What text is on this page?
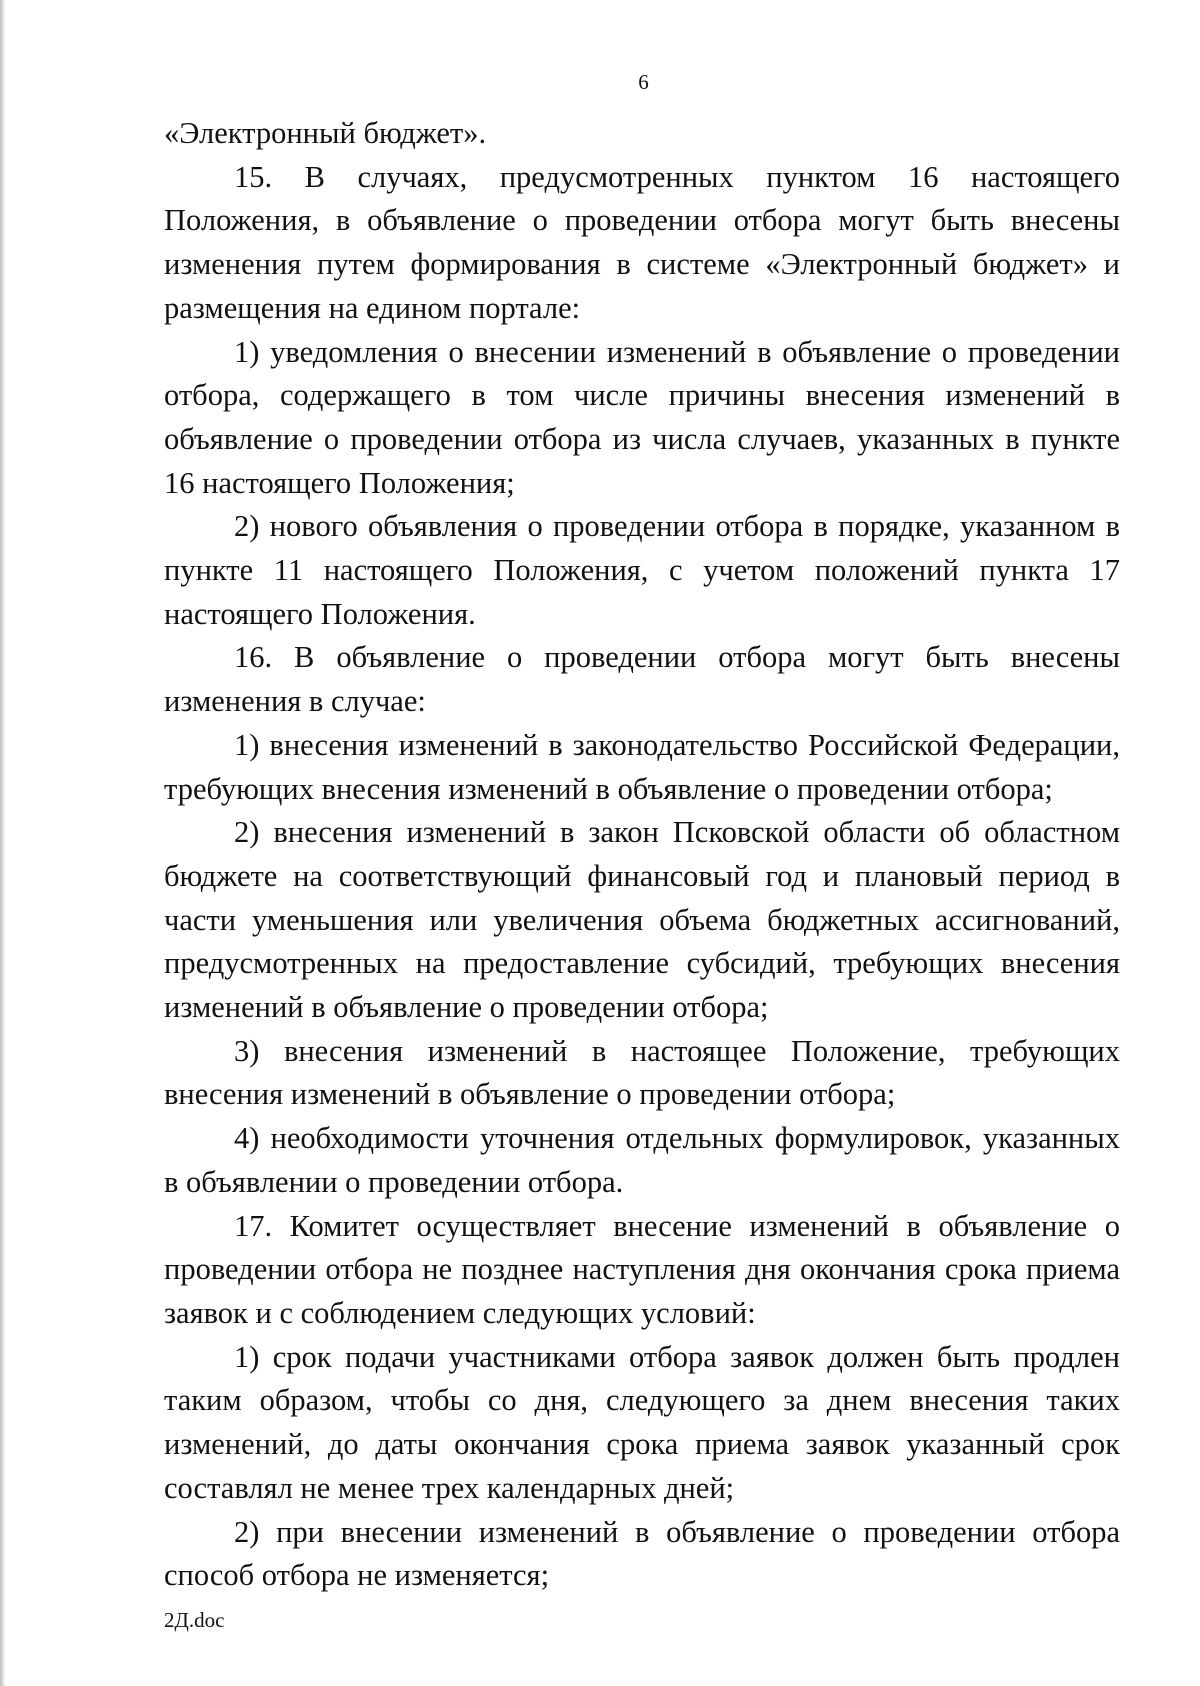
6

«Электронный бюджет».

15. В случаях, предусмотренных пунктом 16 настоящего Положения, в объявление о проведении отбора могут быть внесены изменения путем формирования в системе «Электронный бюджет» и размещения на едином портале:

1) уведомления о внесении изменений в объявление о проведении отбора, содержащего в том числе причины внесения изменений в объявление о проведении отбора из числа случаев, указанных в пункте 16 настоящего Положения;

2) нового объявления о проведении отбора в порядке, указанном в пункте 11 настоящего Положения, с учетом положений пункта 17 настоящего Положения.

16. В объявление о проведении отбора могут быть внесены изменения в случае:

1) внесения изменений в законодательство Российской Федерации, требующих внесения изменений в объявление о проведении отбора;

2) внесения изменений в закон Псковской области об областном бюджете на соответствующий финансовый год и плановый период в части уменьшения или увеличения объема бюджетных ассигнований, предусмотренных на предоставление субсидий, требующих внесения изменений в объявление о проведении отбора;

3) внесения изменений в настоящее Положение, требующих внесения изменений в объявление о проведении отбора;

4) необходимости уточнения отдельных формулировок, указанных в объявлении о проведении отбора.

17. Комитет осуществляет внесение изменений в объявление о проведении отбора не позднее наступления дня окончания срока приема заявок и с соблюдением следующих условий:

1) срок подачи участниками отбора заявок должен быть продлен таким образом, чтобы со дня, следующего за днем внесения таких изменений, до даты окончания срока приема заявок указанный срок составлял не менее трех календарных дней;

2) при внесении изменений в объявление о проведении отбора способ отбора не изменяется;

2Д.doc
